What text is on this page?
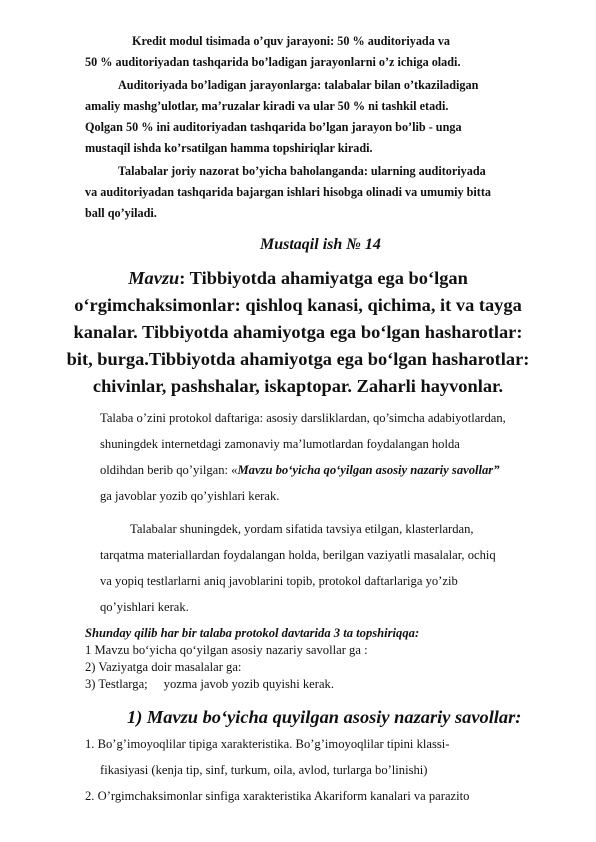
Kredit modul tisimada o’quv jarayoni: 50 % auditoriyada va
50 % auditoriyadan tashqarida bo’ladigan jarayonlarni o’z ichiga oladi.
Auditoriyada bo’ladigan jarayonlarga: talabalar bilan o’tkaziladigan
amaliy mashg’ulotlar, ma’ruzalar kiradi va ular 50 % ni tashkil etadi.
Qolgan 50 % ini auditoriyadan tashqarida bo’lgan jarayon bo’lib - unga
mustaqil ishda ko’rsatilgan hamma topshiriqlar kiradi.
Talabalar joriy nazorat bo’yicha baholanganda: ularning auditoriyada
va auditoriyadan tashqarida bajargan ishlari hisobga olinadi va umumiy bitta
ball qo’yiladi.
Mustaqil ish № 14
Mavzu: Tibbiyotda ahamiyatga ega bo‘lgan
o‘rgimchaksimonlar: qishloq kanasi, qichima, it va tayga
kanalar. Tibbiyotda ahamiyotga ega bo‘lgan hasharotlar:
bit, burga.Tibbiyotda ahamiyotga ega bo‘lgan hasharotlar:
chivinlar, pashshalar, iskaptopar. Zaharli hayvonlar.
Talaba o’zini protokol daftariga: asosiy darsliklardan, qo’simcha adabiyotlardan,
shuningdek internetdagi zamonaviy ma’lumotlardan foydalangan holda
oldihdan berib qo’yilgan: «Mavzu bo‘yicha qo‘yilgan asosiy nazariy savollar”
ga javoblar yozib qo’yishlari kerak.
Talabalar shuningdek, yordam sifatida tavsiya etilgan, klasterlardan,
tarqatma materiallardan foydalangan holda, berilgan vaziyatli masalalar, ochiq
va yopiq testlarlarni aniq javoblarini topib, protokol daftarlariga yo’zib
qo’yishlari kerak.
Shunday qilib har bir talaba protokol davtarida 3 ta topshiriqqa:
1 Mavzu bo‘yicha qo‘yilgan asosiy nazariy savollar ga :
2) Vaziyatga doir masalalar ga:
3) Testlarga; yozma javob yozib quyishi kerak.
1) Mavzu bo‘yicha quyilgan asosiy nazariy savollar:
1. Bo’g’imoyoqlilar tipiga xarakteristika. Bo’g’imoyoqlilar tipini klassi-
fikasiyasi (kenja tip, sinf, turkum, oila, avlod, turlarga bo’linishi)
2. O’rgimchaksimonlar sinfiga xarakteristika Akariform kanalari va parazito
